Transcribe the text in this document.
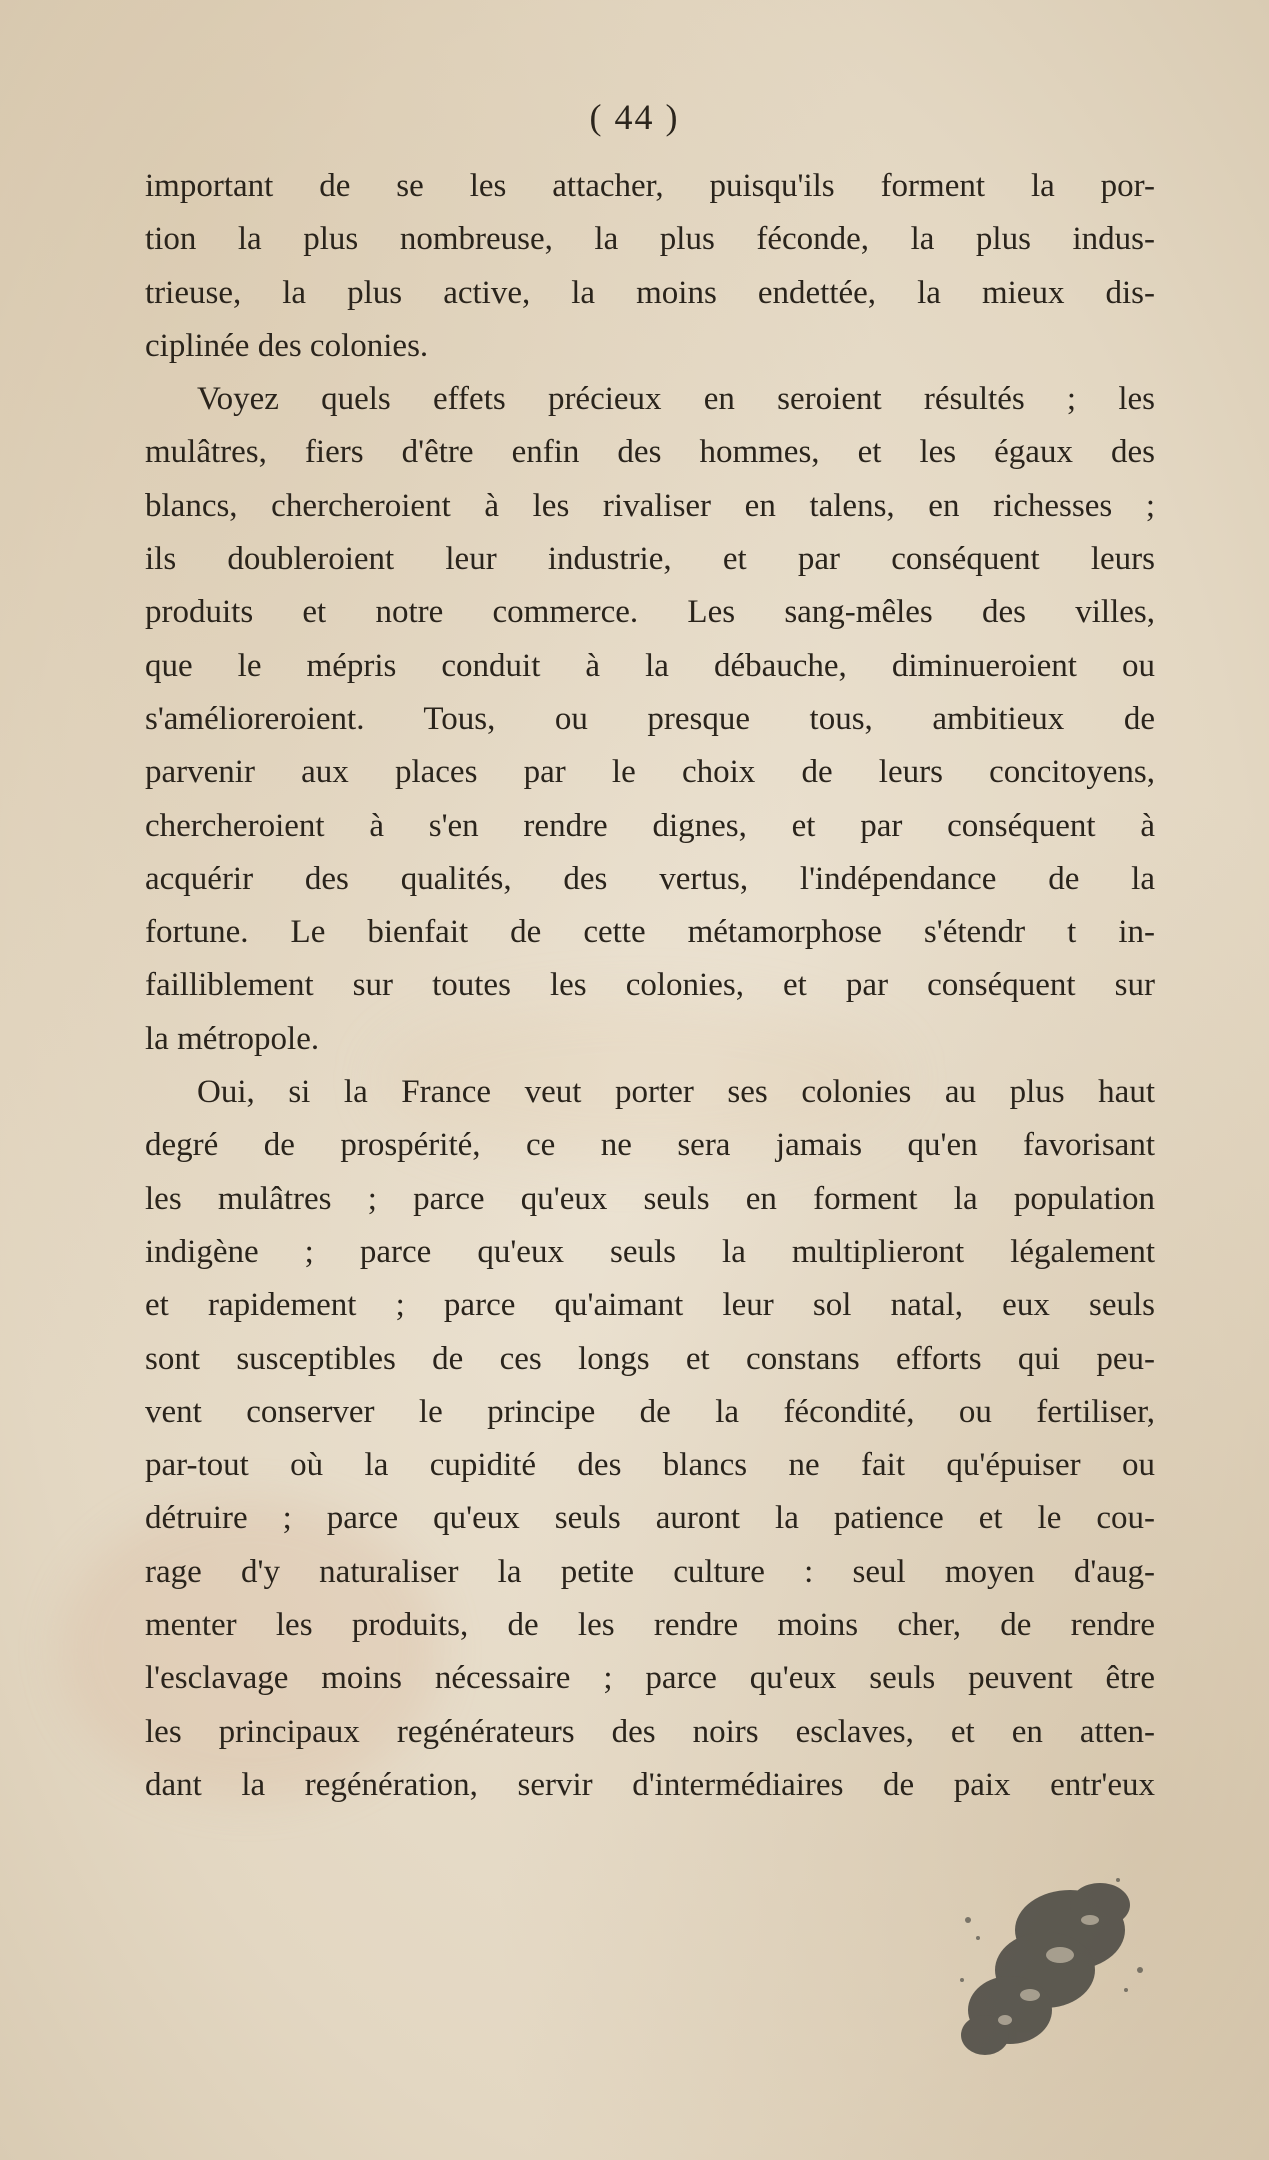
( 44 )
important de se les attacher, puisqu'ils forment la por-
tion la plus nombreuse, la plus féconde, la plus indus-
trieuse, la plus active, la moins endettée, la mieux dis-
ciplinée des colonies.
Voyez quels effets précieux en seroient résultés ; les
mulâtres, fiers d'être enfin des hommes, et les égaux des
blancs, chercheroient à les rivaliser en talens, en richesses ;
ils doubleroient leur industrie, et par conséquent leurs
produits et notre commerce. Les sang-mêles des villes,
que le mépris conduit à la débauche, diminueroient ou
s'amélioreroient. Tous, ou presque tous, ambitieux de
parvenir aux places par le choix de leurs concitoyens,
chercheroient à s'en rendre dignes, et par conséquent à
acquérir des qualités, des vertus, l'indépendance de la
fortune. Le bienfait de cette métamorphose s'étendr t in-
failliblement sur toutes les colonies, et par conséquent sur
la métropole.
Oui, si la France veut porter ses colonies au plus haut
degré de prospérité, ce ne sera jamais qu'en favorisant
les mulâtres ; parce qu'eux seuls en forment la population
indigène ; parce qu'eux seuls la multiplieront légalement
et rapidement ; parce qu'aimant leur sol natal, eux seuls
sont susceptibles de ces longs et constans efforts qui peu-
vent conserver le principe de la fécondité, ou fertiliser,
par-tout où la cupidité des blancs ne fait qu'épuiser ou
détruire ; parce qu'eux seuls auront la patience et le cou-
rage d'y naturaliser la petite culture : seul moyen d'aug-
menter les produits, de les rendre moins cher, de rendre
l'esclavage moins nécessaire ; parce qu'eux seuls peuvent être
les principaux regénérateurs des noirs esclaves, et en atten-
dant la regénération, servir d'intermédiaires de paix entr'eux
